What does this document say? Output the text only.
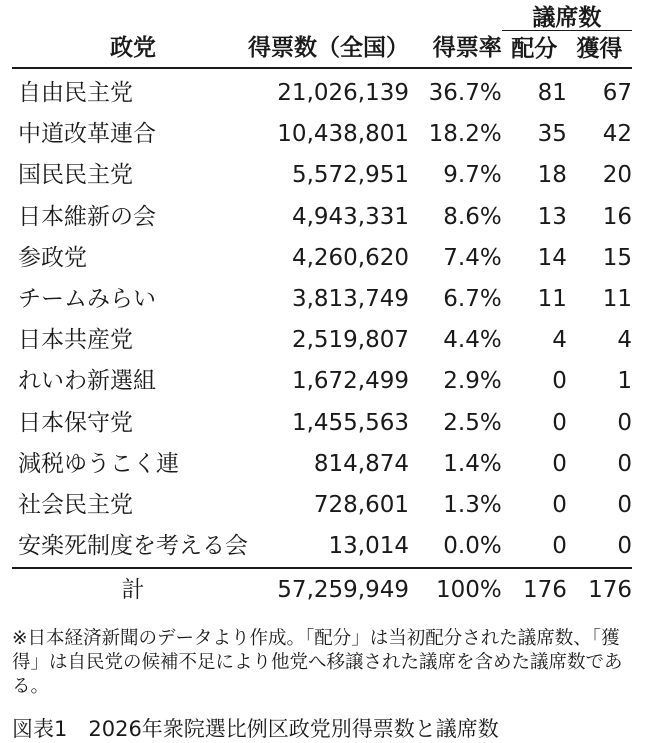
			議席数	
政党	得票数（全国）	得票率	配分	獲得
自由民主党	21,026,139	36.7%	81	67
中道改革連合	10,438,801	18.2%	35	42
国民民主党	5,572,951	9.7%	18	20
日本維新の会	4,943,331	8.6%	13	16
参政党	4,260,620	7.4%	14	15
チームみらい	3,813,749	6.7%	11	11
日本共産党	2,519,807	4.4%	4	4
れいわ新選組	1,672,499	2.9%	0	1
日本保守党	1,455,563	2.5%	0	0
減税ゆうこく連	814,874	1.4%	0	0
社会民主党	728,601	1.3%	0	0
安楽死制度を考える会	13,014	0.0%	0	0
計	57,259,949	100%	176	176
※日本経済新聞のデータより作成。「配分」は当初配分された議席数、「獲得」は自民党の候補不足により他党へ移譲された議席を含めた議席数である。
図表1　2026年衆院選比例区政党別得票数と議席数
